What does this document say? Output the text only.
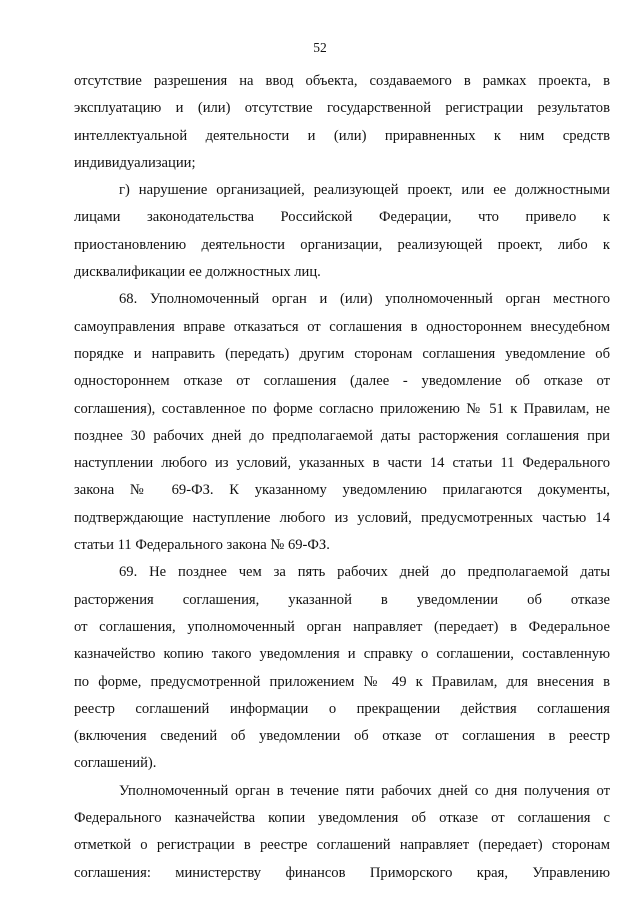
52
отсутствие разрешения на ввод объекта, создаваемого в рамках проекта, в
эксплуатацию и (или) отсутствие государственной регистрации результатов
интеллектуальной деятельности и (или) приравненных к ним средств
индивидуализации;
г) нарушение организацией, реализующей проект, или ее должностными
лицами законодательства Российской Федерации, что привело к
приостановлению деятельности организации, реализующей проект, либо к
дисквалификации ее должностных лиц.
68. Уполномоченный орган и (или) уполномоченный орган местного
самоуправления вправе отказаться от соглашения в одностороннем внесудебном
порядке и направить (передать) другим сторонам соглашения уведомление об
одностороннем отказе от соглашения (далее - уведомление об отказе от
соглашения), составленное по форме согласно приложению № 51 к Правилам, не
позднее 30 рабочих дней до предполагаемой даты расторжения соглашения при
наступлении любого из условий, указанных в части 14 статьи 11 Федерального
закона № 69-ФЗ. К указанному уведомлению прилагаются документы,
подтверждающие наступление любого из условий, предусмотренных частью 14
статьи 11 Федерального закона № 69-ФЗ.
69. Не позднее чем за пять рабочих дней до предполагаемой даты
расторжения соглашения, указанной в уведомлении об отказе
от соглашения, уполномоченный орган направляет (передает) в Федеральное
казначейство копию такого уведомления и справку о соглашении, составленную
по форме, предусмотренной приложением № 49 к Правилам, для внесения в
реестр соглашений информации о прекращении действия соглашения
(включения сведений об уведомлении об отказе от соглашения в реестр
соглашений).
Уполномоченный орган в течение пяти рабочих дней со дня получения от
Федерального казначейства копии уведомления об отказе от соглашения с
отметкой о регистрации в реестре соглашений направляет (передает) сторонам
соглашения: министерству финансов Приморского края, Управлению
